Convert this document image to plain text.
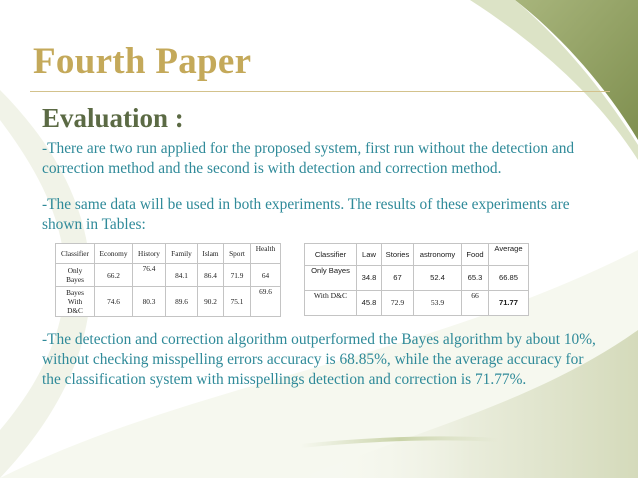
Fourth Paper
Evaluation :
-There are two run applied for the proposed system, first run without the detection and correction method and the second is with detection and correction method.
-The same data will be used in both experiments. The results of these experiments are shown in Tables:
Classifier	Economy	History	Family	Islam	Sport	Health

Only
Bayes	66.2	76.4	84.1	86.4	71.9	64

Bayes
With
D&C	74.6	80.3	89.6	90.2	75.1	69.6
Classifier	Law	Stories	astronomy	Food	Average
Only Bayes	34.8	67	52.4	65.3	66.85
With D&C	45.8	72.9	53.9	66	71.77
-The detection and correction algorithm outperformed the Bayes algorithm by about 10%, without checking misspelling errors accuracy is 68.85%, while the average accuracy for the classification system with misspellings detection and correction is 71.77%.
